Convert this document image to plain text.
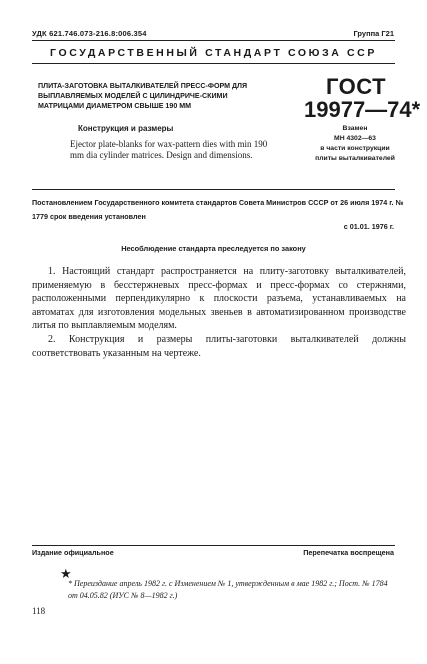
УДК 621.746.073-216.8:006.354	Группа Г21
ГОСУДАРСТВЕННЫЙ СТАНДАРТ СОЮЗА ССР
ПЛИТА-ЗАГОТОВКА ВЫТАЛКИВАТЕЛЕЙ ПРЕСС-ФОРМ ДЛЯ ВЫПЛАВЛЯЕМЫХ МОДЕЛЕЙ С ЦИЛИНДРИЧЕ-СКИМИ МАТРИЦАМИ ДИАМЕТРОМ СВЫШЕ 190 ММ
ГОСТ
19977—74*
Конструкция и размеры
Ejector plate-blanks for wax-pattern dies with min 190 mm dia cylinder matrices. Design and dimensions.
Взамен
МН 4302—63
в части конструкции
плиты выталкивателей
Постановлением Государственного комитета стандартов Совета Министров СССР от 26 июля 1974 г. № 1779 срок введения установлен
с 01.01. 1976 г.
Несоблюдение стандарта преследуется по закону

1. Настоящий стандарт распространяется на плиту-заготовку выталкивателей, применяемую в бесстержневых пресс-формах и пресс-формах со стержнями, расположенными перпендикулярно к плоскости разъема, устанавливаемых на автоматах для изготовления модельных звеньев в автоматизированном производстве литья по выплавляемым моделям.

2. Конструкция и размеры плиты-заготовки выталкивателей должны соответствовать указанным на чертеже.

Издание официальное	Перепечатка воспрещена
★
* Переиздание апрель 1982 г. с Изменением № 1, утвержденным в мае 1982 г.; Пост. № 1784 от 04.05.82 (ИУС № 8—1982 г.)
118
